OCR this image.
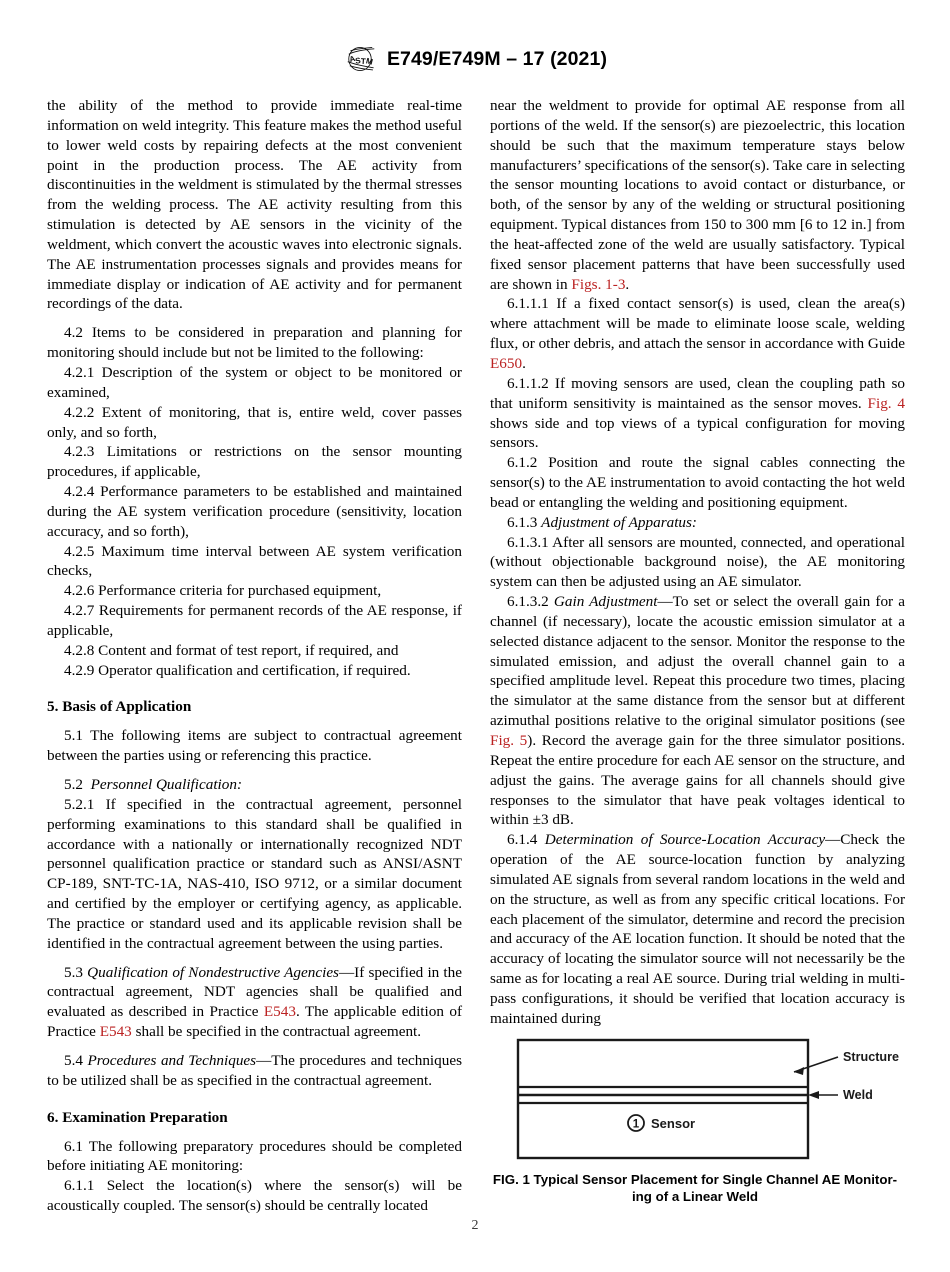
A
S T
M E749/E749M – 17 (2021)

the ability of the method to provide immediate real-time information on weld integrity. This feature makes the method useful to lower weld costs by repairing defects at the most convenient point in the production process. The AE activity from discontinuities in the weldment is stimulated by the thermal stresses from the welding process. The AE activity resulting from this stimulation is detected by AE sensors in the vicinity of the weldment, which convert the acoustic waves into electronic signals. The AE instrumentation processes signals and provides means for immediate display or indication of AE activity and for permanent recordings of the data.

4.2 Items to be considered in preparation and planning for monitoring should include but not be limited to the following:

4.2.1 Description of the system or object to be monitored or examined,

4.2.2 Extent of monitoring, that is, entire weld, cover passes only, and so forth,

4.2.3 Limitations or restrictions on the sensor mounting procedures, if applicable,

4.2.4 Performance parameters to be established and maintained during the AE system verification procedure (sensitivity, location accuracy, and so forth),

4.2.5 Maximum time interval between AE system verification checks,

4.2.6 Performance criteria for purchased equipment,

4.2.7 Requirements for permanent records of the AE response, if applicable,

4.2.8 Content and format of test report, if required, and

4.2.9 Operator qualification and certification, if required.

5. Basis of Application

5.1 The following items are subject to contractual agreement between the parties using or referencing this practice.

5.2 Personnel Qualification:

5.2.1 If specified in the contractual agreement, personnel performing examinations to this standard shall be qualified in accordance with a nationally or internationally recognized NDT personnel qualification practice or standard such as ANSI/ASNT CP-189, SNT-TC-1A, NAS-410, ISO 9712, or a similar document and certified by the employer or certifying agency, as applicable. The practice or standard used and its applicable revision shall be identified in the contractual agreement between the using parties.

5.3 Qualification of Nondestructive Agencies—If specified in the contractual agreement, NDT agencies shall be qualified and evaluated as described in Practice E543. The applicable edition of Practice E543 shall be specified in the contractual agreement.

5.4 Procedures and Techniques—The procedures and techniques to be utilized shall be as specified in the contractual agreement.

6. Examination Preparation

6.1 The following preparatory procedures should be completed before initiating AE monitoring:

6.1.1 Select the location(s) where the sensor(s) will be acoustically coupled. The sensor(s) should be centrally located

near the weldment to provide for optimal AE response from all portions of the weld. If the sensor(s) are piezoelectric, this location should be such that the maximum temperature stays below manufacturers’ specifications of the sensor(s). Take care in selecting the sensor mounting locations to avoid contact or disturbance, or both, of the sensor by any of the welding or structural positioning equipment. Typical distances from 150 to 300 mm [6 to 12 in.] from the heat-affected zone of the weld are usually satisfactory. Typical fixed sensor placement patterns that have been successfully used are shown in Figs. 1-3.

6.1.1.1 If a fixed contact sensor(s) is used, clean the area(s) where attachment will be made to eliminate loose scale, welding flux, or other debris, and attach the sensor in accordance with Guide E650.

6.1.1.2 If moving sensors are used, clean the coupling path so that uniform sensitivity is maintained as the sensor moves. Fig. 4 shows side and top views of a typical configuration for moving sensors.

6.1.2 Position and route the signal cables connecting the sensor(s) to the AE instrumentation to avoid contacting the hot weld bead or entangling the welding and positioning equipment.

6.1.3 Adjustment of Apparatus:

6.1.3.1 After all sensors are mounted, connected, and operational (without objectionable background noise), the AE monitoring system can then be adjusted using an AE simulator.

6.1.3.2 Gain Adjustment—To set or select the overall gain for a channel (if necessary), locate the acoustic emission simulator at a selected distance adjacent to the sensor. Monitor the response to the simulated emission, and adjust the overall channel gain to a specified amplitude level. Repeat this procedure two times, placing the simulator at the same distance from the sensor but at different azimuthal positions relative to the original simulator positions (see Fig. 5). Record the average gain for the three simulator positions. Repeat the entire procedure for each AE sensor on the structure, and adjust the gains. The average gains for all channels should give responses to the simulator that have peak voltages identical to within ±3 dB.

6.1.4 Determination of Source-Location Accuracy—Check the operation of the AE source-location function by analyzing simulated AE signals from several random locations in the weld and on the structure, as well as from any specific critical locations. For each placement of the simulator, determine and record the precision and accuracy of the AE location function. It should be noted that the accuracy of locating the simulator source will not necessarily be the same as for locating a real AE source. During trial welding in multi-pass configurations, it should be verified that location accuracy is maintained during

1 Sensor
Structure
Weld
FIG. 1 Typical Sensor Placement for Single Channel AE Monitor-
ing of a Linear Weld
2
